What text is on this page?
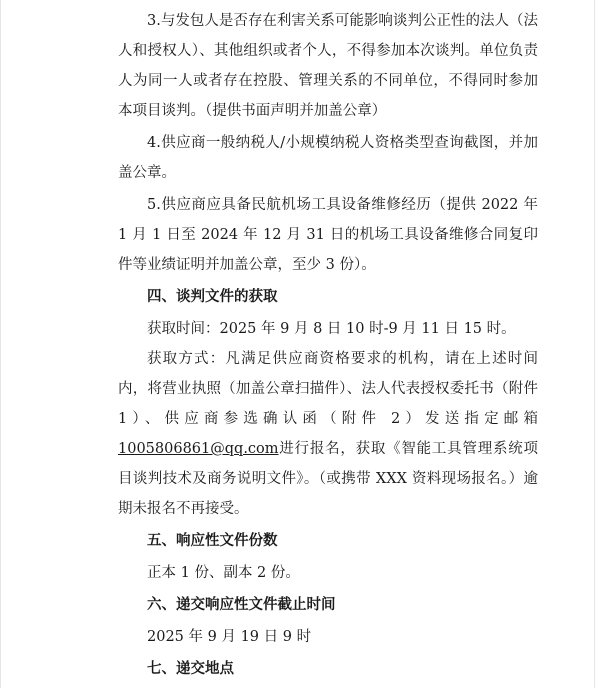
3.与发包人是否存在利害关系可能影响谈判公正性的法人（法人和授权人）、其他组织或者个人，不得参加本次谈判。单位负责人为同一人或者存在控股、管理关系的不同单位，不得同时参加本项目谈判。（提供书面声明并加盖公章）

4.供应商一般纳税人/小规模纳税人资格类型查询截图，并加盖公章。

5.供应商应具备民航机场工具设备维修经历（提供 2022 年 1 月 1 日至 2024 年 12 月 31 日的机场工具设备维修合同复印件等业绩证明并加盖公章，至少 3 份）。

四、谈判文件的获取

获取时间：2025 年 9 月 8 日 10 时-9 月 11 日 15 时。

获取方式：凡满足供应商资格要求的机构，请在上述时间内，将营业执照（加盖公章扫描件）、法人代表授权委托书（附件 1）、供应商参选确认函（附件 2）发送指定邮箱1005806861@qq.com进行报名，获取《智能工具管理系统项目谈判技术及商务说明文件》。（或携带 XXX 资料现场报名。）逾期未报名不再接受。

五、响应性文件份数

正本 1 份、副本 2 份。

六、递交响应性文件截止时间

2025 年 9 月 19 日 9 时

七、递交地点
